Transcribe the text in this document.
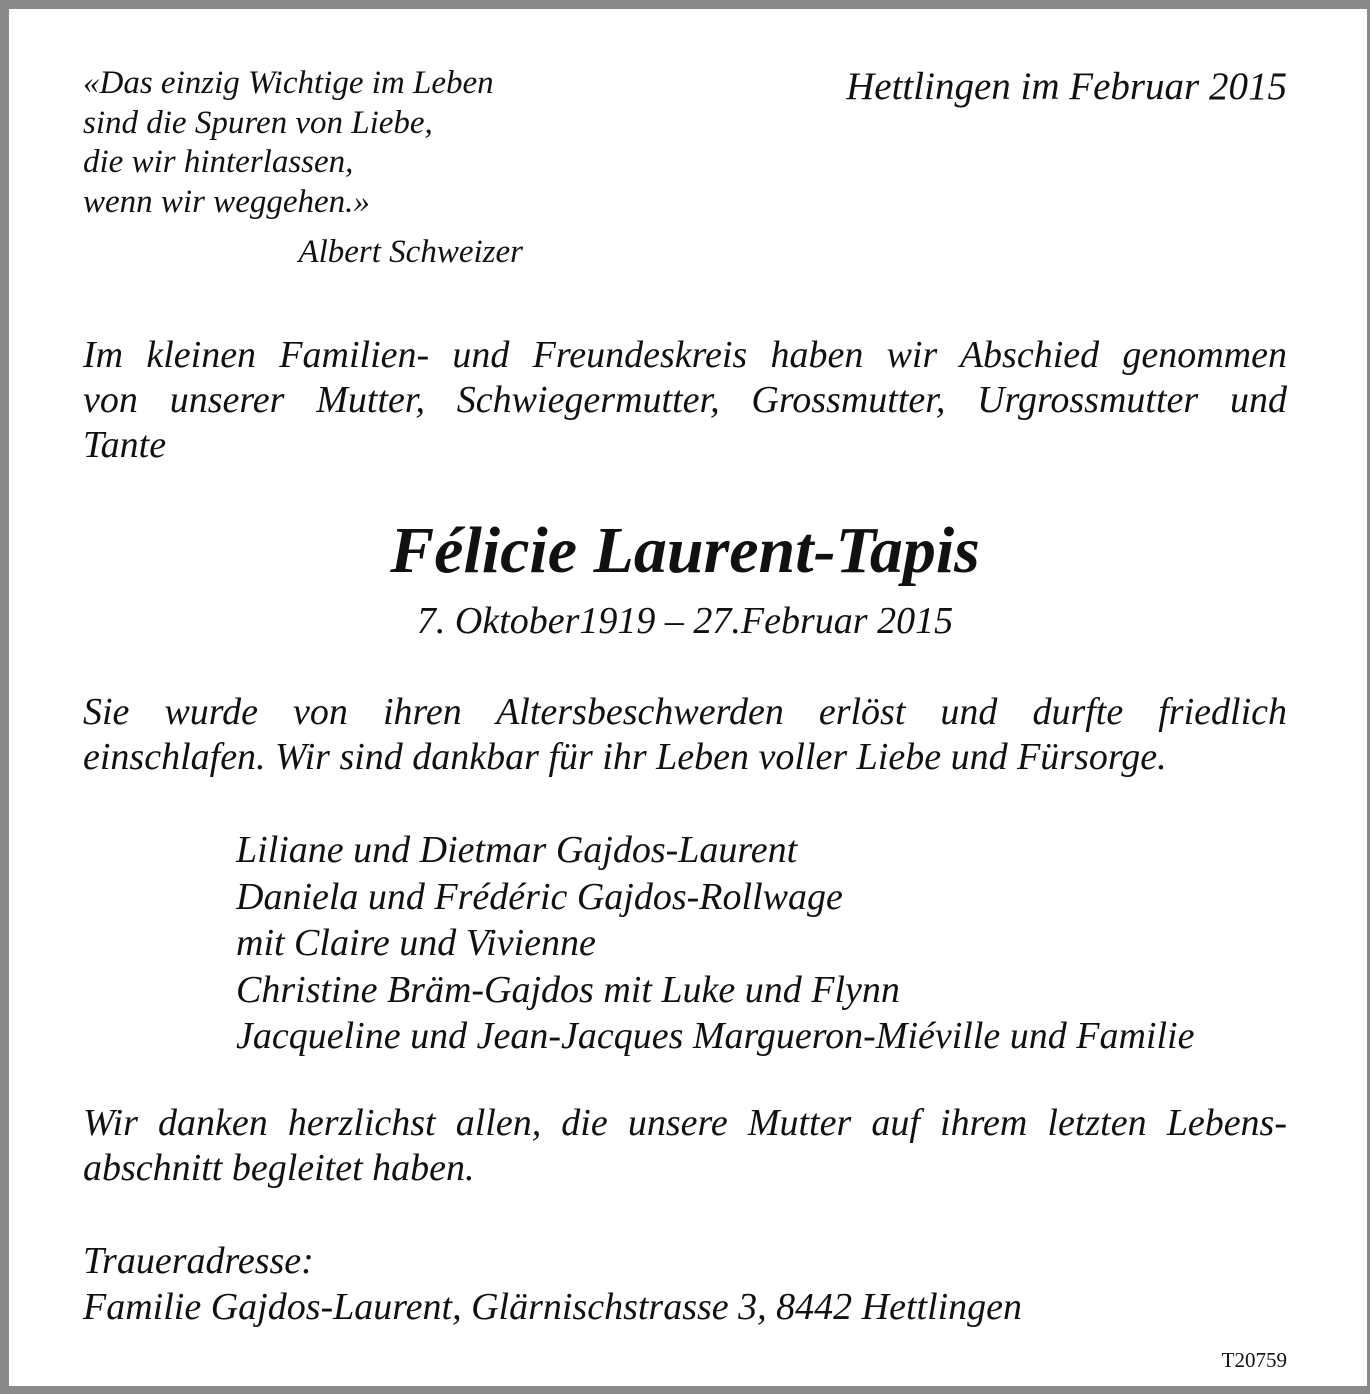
«Das einzig Wichtige im Leben
sind die Spuren von Liebe,
die wir hinterlassen,
wenn wir weggehen.»
Albert Schweizer
Hettlingen im Februar 2015
Im kleinen Familien- und Freundeskreis haben wir Abschied genommen
von unserer Mutter, Schwiegermutter, Grossmutter, Urgrossmutter und
Tante
Félicie Laurent-Tapis
7. Oktober1919 – 27.Februar 2015
Sie wurde von ihren Altersbeschwerden erlöst und durfte friedlich
einschlafen. Wir sind dankbar für ihr Leben voller Liebe und Fürsorge.
Liliane und Dietmar Gajdos-Laurent
Daniela und Frédéric Gajdos-Rollwage
mit Claire und Vivienne
Christine Bräm-Gajdos mit Luke und Flynn
Jacqueline und Jean-Jacques Margueron-Miéville und Familie
Wir danken herzlichst allen, die unsere Mutter auf ihrem letzten Lebens-
abschnitt begleitet haben.
Traueradresse:
Familie Gajdos-Laurent, Glärnischstrasse 3, 8442 Hettlingen
T20759
